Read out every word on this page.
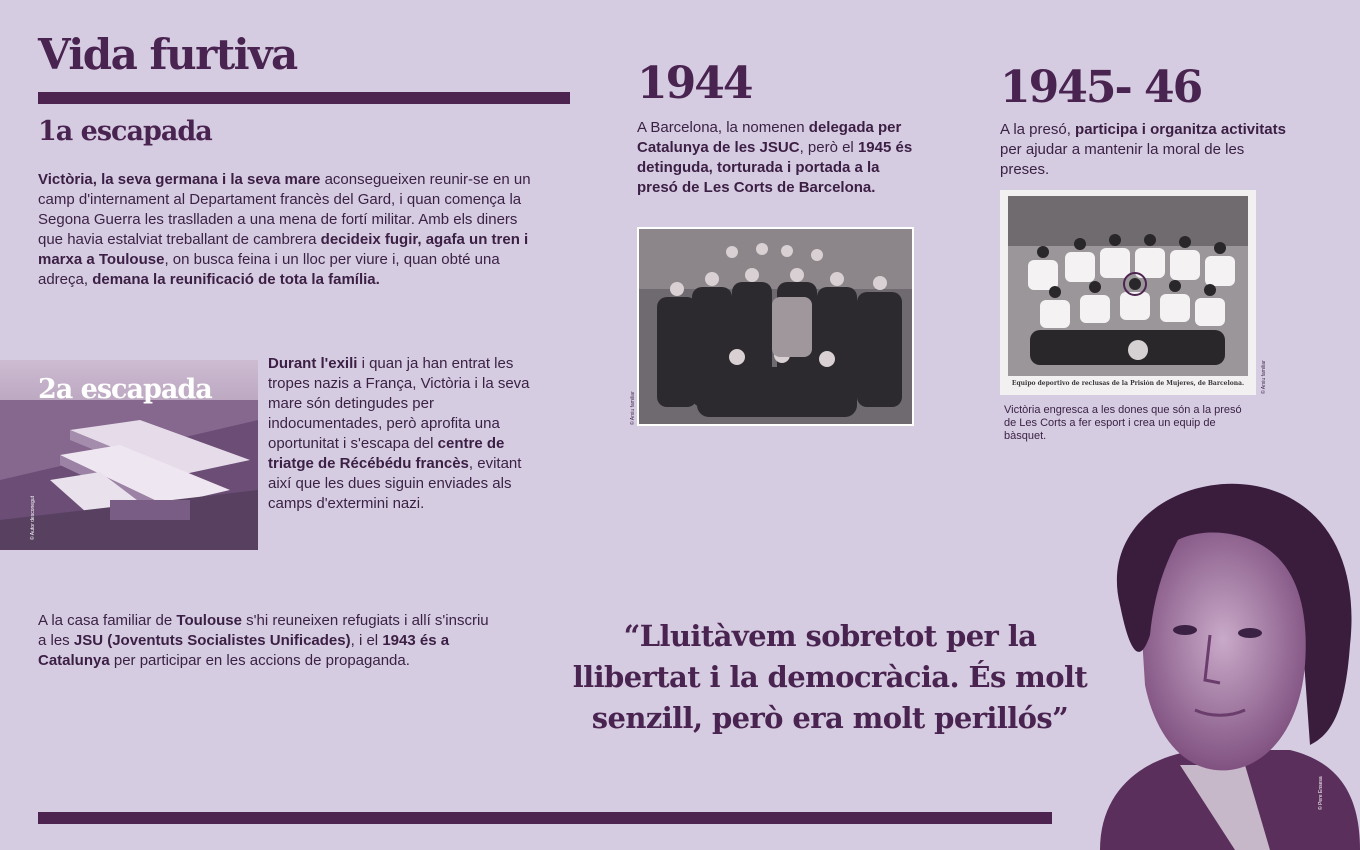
Vida furtiva
1a escapada

Victòria, la seva germana i la seva mare aconsegueixen reunir-se en un camp d'internament al Departament francès del Gard, i quan comença la Segona Guerra les traslladen a una mena de fortí militar. Amb els diners que havia estalviat treballant de cambrera decideix fugir, agafa un tren i marxa a Toulouse, on busca feina i un lloc per viure i, quan obté una adreça, demana la reunificació de tota la família.

2a escapada
© Autor desconegut

Durant l'exili i quan ja han entrat les tropes nazis a França, Victòria i la seva mare són detingudes per indocumentades, però aprofita una oportunitat i s'escapa del centre de triatge de Récébédu francès, evitant així que les dues siguin enviades als camps d'extermini nazi.

A la casa familiar de Toulouse s'hi reuneixen refugiats i allí s'inscriu a les JSU (Joventuts Socialistes Unificades), i el 1943 és a Catalunya per participar en les accions de propaganda.

1944

A Barcelona, la nomenen delegada per Catalunya de les JSUC, però el 1945 és detinguda, torturada i portada a la presó de Les Corts de Barcelona.

© Arxiu familiar
1945- 46

A la presó, participa i organitza activitats per ajudar a mantenir la moral de les preses.

Equipo deportivo de reclusas de la Prisión de Mujeres, de Barcelona.	© Arxiu familiar

Victòria engresca a les dones que són a la presó de Les Corts a fer esport i crea un equip de bàsquet.

© Pere Ensesa

“Lluitàvem sobretot per la

llibertat i la democràcia. És molt

senzill, però era molt perillós”
